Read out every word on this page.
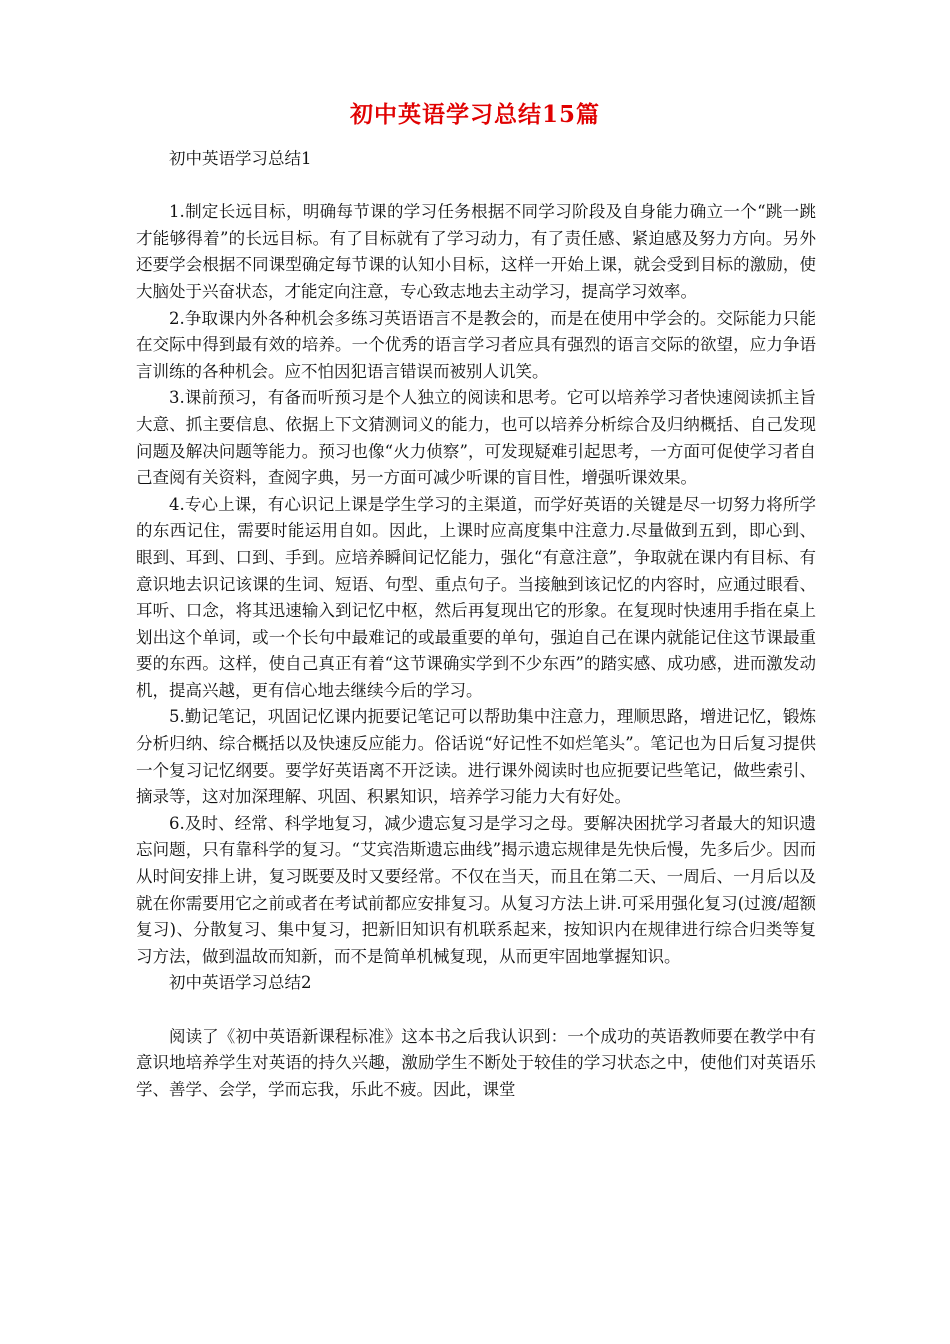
初中英语学习总结15篇
初中英语学习总结1

1.制定长远目标，明确每节课的学习任务根据不同学习阶段及自身能力确立一个“跳一跳才能够得着”的长远目标。有了目标就有了学习动力，有了责任感、紧迫感及努力方向。另外还要学会根据不同课型确定每节课的认知小目标，这样一开始上课，就会受到目标的激励，使大脑处于兴奋状态，才能定向注意，专心致志地去主动学习，提高学习效率。

2.争取课内外各种机会多练习英语语言不是教会的，而是在使用中学会的。交际能力只能在交际中得到最有效的培养。一个优秀的语言学习者应具有强烈的语言交际的欲望，应力争语言训练的各种机会。应不怕因犯语言错误而被别人讥笑。

3.课前预习，有备而听预习是个人独立的阅读和思考。它可以培养学习者快速阅读抓主旨大意、抓主要信息、依据上下文猜测词义的能力，也可以培养分析综合及归纳概括、自己发现问题及解决问题等能力。预习也像“火力侦察”，可发现疑难引起思考，一方面可促使学习者自己查阅有关资料，查阅字典，另一方面可减少听课的盲目性，增强听课效果。

4.专心上课，有心识记上课是学生学习的主渠道，而学好英语的关键是尽一切努力将所学的东西记住，需要时能运用自如。因此，上课时应高度集中注意力.尽量做到五到，即心到、眼到、耳到、口到、手到。应培养瞬间记忆能力，强化“有意注意”，争取就在课内有目标、有意识地去识记该课的生词、短语、句型、重点句子。当接触到该记忆的内容时，应通过眼看、耳听、口念，将其迅速输入到记忆中枢，然后再复现出它的形象。在复现时快速用手指在桌上划出这个单词，或一个长句中最难记的或最重要的单句，强迫自己在课内就能记住这节课最重要的东西。这样，使自己真正有着“这节课确实学到不少东西”的踏实感、成功感，进而激发动机，提高兴越，更有信心地去继续今后的学习。

5.勤记笔记，巩固记忆课内扼要记笔记可以帮助集中注意力，理顺思路，增进记忆，锻炼分析归纳、综合概括以及快速反应能力。俗话说“好记性不如烂笔头”。笔记也为日后复习提供一个复习记忆纲要。要学好英语离不开泛读。进行课外阅读时也应扼要记些笔记，做些索引、摘录等，这对加深理解、巩固、积累知识，培养学习能力大有好处。

6.及时、经常、科学地复习，减少遗忘复习是学习之母。要解决困扰学习者最大的知识遗忘问题，只有靠科学的复习。“艾宾浩斯遗忘曲线”揭示遗忘规律是先快后慢，先多后少。因而从时间安排上讲，复习既要及时又要经常。不仅在当天，而且在第二天、一周后、一月后以及就在你需要用它之前或者在考试前都应安排复习。从复习方法上讲.可采用强化复习(过渡/超额复习)、分散复习、集中复习，把新旧知识有机联系起来，按知识内在规律进行综合归类等复习方法，做到温故而知新，而不是简单机械复现，从而更牢固地掌握知识。

初中英语学习总结2

阅读了《初中英语新课程标准》这本书之后我认识到：一个成功的英语教师要在教学中有意识地培养学生对英语的持久兴趣，激励学生不断处于较佳的学习状态之中，使他们对英语乐学、善学、会学，学而忘我，乐此不疲。因此，课堂
